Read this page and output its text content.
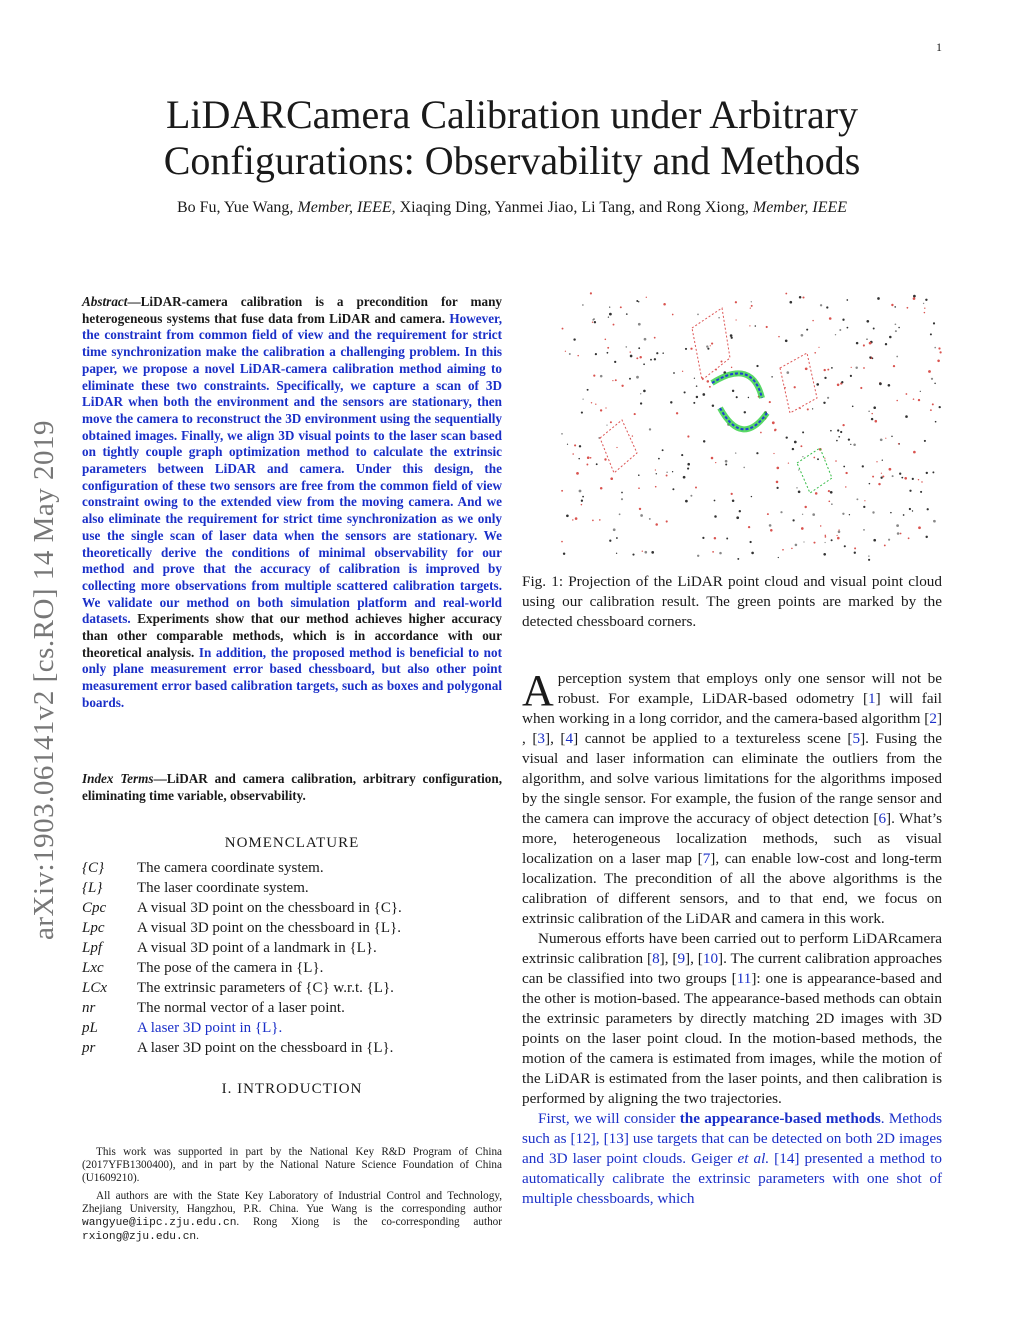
1
LiDARCamera Calibration under Arbitrary
Configurations: Observability and Methods
Bo Fu, Yue Wang, Member, IEEE, Xiaqing Ding, Yanmei Jiao, Li Tang, and Rong Xiong, Member, IEEE
arXiv:1903.06141v2 [cs.RO] 14 May 2019
Abstract—LiDAR-camera calibration is a precondition for many heterogeneous systems that fuse data from LiDAR and camera. However, the constraint from common field of view and the requirement for strict time synchronization make the calibration a challenging problem. In this paper, we propose a novel LiDAR-camera calibration method aiming to eliminate these two constraints. Specifically, we capture a scan of 3D LiDAR when both the environment and the sensors are stationary, then move the camera to reconstruct the 3D environment using the sequentially obtained images. Finally, we align 3D visual points to the laser scan based on tightly couple graph optimization method to calculate the extrinsic parameters between LiDAR and camera. Under this design, the configuration of these two sensors are free from the common field of view constraint owing to the extended view from the moving camera. And we also eliminate the requirement for strict time synchronization as we only use the single scan of laser data when the sensors are stationary. We theoretically derive the conditions of minimal observability for our method and prove that the accuracy of calibration is improved by collecting more observations from multiple scattered calibration targets. We validate our method on both simulation platform and real-world datasets. Experiments show that our method achieves higher accuracy than other comparable methods, which is in accordance with our theoretical analysis. In addition, the proposed method is beneficial to not only plane measurement error based chessboard, but also other point measurement error based calibration targets, such as boxes and polygonal boards.
Index Terms—LiDAR and camera calibration, arbitrary configuration, eliminating time variable, observability.
NOMENCLATURE
{C}	The camera coordinate system.
{L}	The laser coordinate system.
Cpc	A visual 3D point on the chessboard in {C}.
Lpc	A visual 3D point on the chessboard in {L}.
Lpf	A visual 3D point of a landmark in {L}.
Lxc	The pose of the camera in {L}.
LCx	The extrinsic parameters of {C} w.r.t. {L}.
nr	The normal vector of a laser point.
pL	A laser 3D point in {L}.
pr	A laser 3D point on the chessboard in {L}.
I. INTRODUCTION

This work was supported in part by the National Key R&D Program of China (2017YFB1300400), and in part by the National Nature Science Foundation of China (U1609210).

All authors are with the State Key Laboratory of Industrial Control and Technology, Zhejiang University, Hangzhou, P.R. China. Yue Wang is the corresponding author wangyue@iipc.zju.edu.cn. Rong Xiong is the co-corresponding author rxiong@zju.edu.cn.

Fig. 1: Projection of the LiDAR point cloud and visual point cloud using our calibration result. The green points are marked by the detected chessboard corners.

A perception system that employs only one sensor will not be robust. For example, LiDAR-based odometry [1] will fail when working in a long corridor, and the camera-based algorithm [2] , [3], [4] cannot be applied to a textureless scene [5]. Fusing the visual and laser information can eliminate the outliers from the algorithm, and solve various limitations for the algorithms imposed by the single sensor. For example, the fusion of the range sensor and the camera can improve the accuracy of object detection [6]. What’s more, heterogeneous localization methods, such as visual localization on a laser map [7], can enable low-cost and long-term localization. The precondition of all the above algorithms is the calibration of different sensors, and to that end, we focus on extrinsic calibration of the LiDAR and camera in this work.

Numerous efforts have been carried out to perform LiDARcamera extrinsic calibration [8], [9], [10]. The current calibration approaches can be classified into two groups [11]: one is appearance-based and the other is motion-based. The appearance-based methods can obtain the extrinsic parameters by directly matching 2D images with 3D points on the laser point cloud. In the motion-based methods, the motion of the camera is estimated from images, while the motion of the LiDAR is estimated from the laser points, and then calibration is performed by aligning the two trajectories.

First, we will consider the appearance-based methods. Methods such as [12], [13] use targets that can be detected on both 2D images and 3D laser point clouds. Geiger et al. [14] presented a method to automatically calibrate the extrinsic parameters with one shot of multiple chessboards, which
